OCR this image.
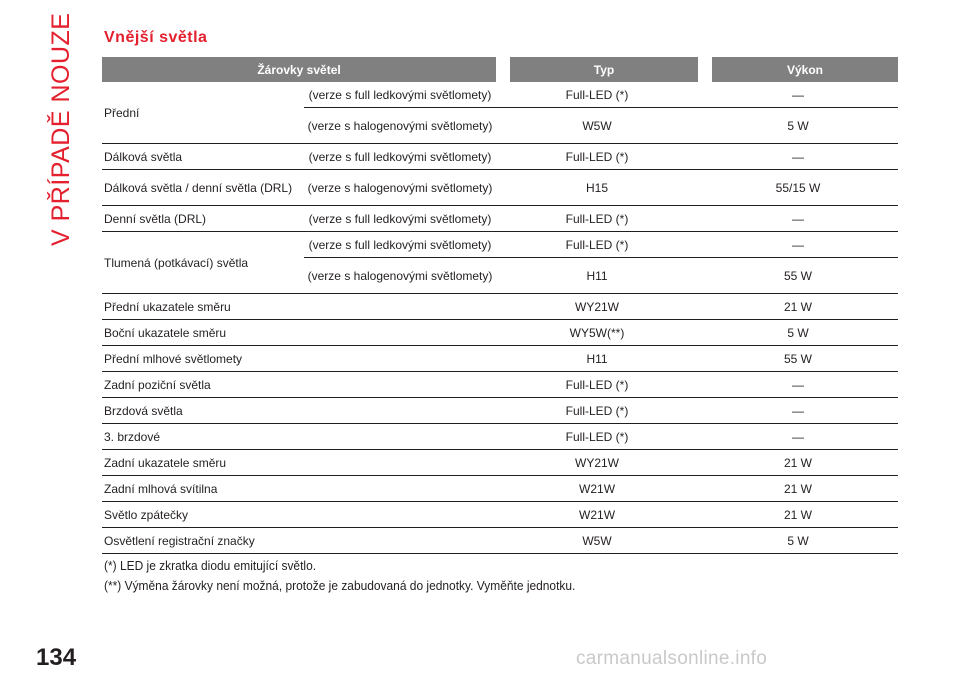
V PŘÍPADĚ NOUZE
134
Vnější světla
Žárovky světel			Typ		Výkon
Přední	(verze s full ledkovými světlomety)	Full-LED (*)		—	
	(verze s halogenovými světlomety)	W5W		5 W	
Dálková světla	(verze s full ledkovými světlomety)	Full-LED (*)		—	
Dálková světla / denní světla (DRL)	(verze s halogenovými světlomety)	H15		55/15 W	
Denní světla (DRL)	(verze s full ledkovými světlomety)	Full-LED (*)		—	
Tlumená (potkávací) světla	(verze s full ledkovými světlomety)	Full-LED (*)		—	
	(verze s halogenovými světlomety)	H11		55 W	
Přední ukazatele směru		WY21W		21 W	
Boční ukazatele směru		WY5W(**)		5 W	
Přední mlhové světlomety		H11		55 W	
Zadní poziční světla		Full-LED (*)		—	
Brzdová světla		Full-LED (*)		—	
3. brzdové		Full-LED (*)		—	
Zadní ukazatele směru		WY21W		21 W	
Zadní mlhová svítilna		W21W		21 W	
Světlo zpátečky		W21W		21 W	
Osvětlení registrační značky		W5W		5 W	
(*) LED je zkratka diodu emitující světlo.
(**) Výměna žárovky není možná, protože je zabudovaná do jednotky. Vyměňte jednotku.
carmanualsonline.info
